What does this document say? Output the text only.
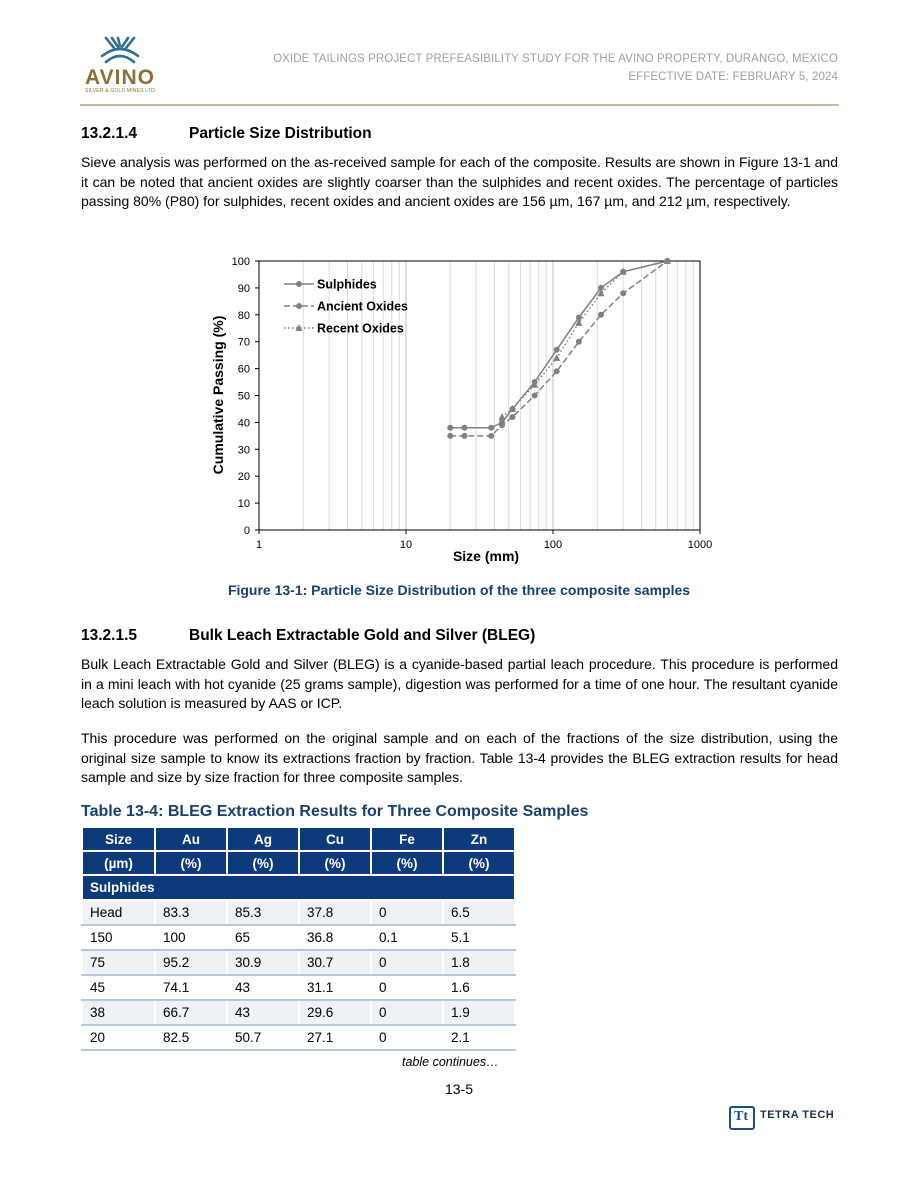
AVINO
SILVER & GOLD MINES LTD.
OXIDE TAILINGS PROJECT PREFEASIBILITY STUDY FOR THE AVINO PROPERTY, DURANGO, MEXICO
EFFECTIVE DATE: FEBRUARY 5, 2024
13.2.1.4	Particle Size Distribution
Sieve analysis was performed on the as-received sample for each of the composite. Results are shown in Figure 13-1 and it can be noted that ancient oxides are slightly coarser than the sulphides and recent oxides. The percentage of particles passing 80% (P80) for sulphides, recent oxides and ancient oxides are 156 µm, 167 µm, and 212 µm, respectively.
0
10
20
30
40
50
60
70
80
90
100
1	10	100	1000
Cumulative Passing (%)
Size (mm)
Sulphides
Ancient Oxides
Recent Oxides
Figure 13-1: Particle Size Distribution of the three composite samples
13.2.1.5	Bulk Leach Extractable Gold and Silver (BLEG)
Bulk Leach Extractable Gold and Silver (BLEG) is a cyanide-based partial leach procedure. This procedure is performed in a mini leach with hot cyanide (25 grams sample), digestion was performed for a time of one hour. The resultant cyanide leach solution is measured by AAS or ICP.
This procedure was performed on the original sample and on each of the fractions of the size distribution, using the original size sample to know its extractions fraction by fraction. Table 13-4 provides the BLEG extraction results for head sample and size by size fraction for three composite samples.
Table 13-4: BLEG Extraction Results for Three Composite Samples
Size	Au	Ag	Cu	Fe	Zn
(µm)	(%)	(%)	(%)	(%)	(%)
Sulphides					
Head	83.3	85.3	37.8	0	6.5
150	100	65	36.8	0.1	5.1
75	95.2	30.9	30.7	0	1.8
45	74.1	43	31.1	0	1.6
38	66.7	43	29.6	0	1.9
20	82.5	50.7	27.1	0	2.1
table continues…
13-5
Tt TETRA TECH
